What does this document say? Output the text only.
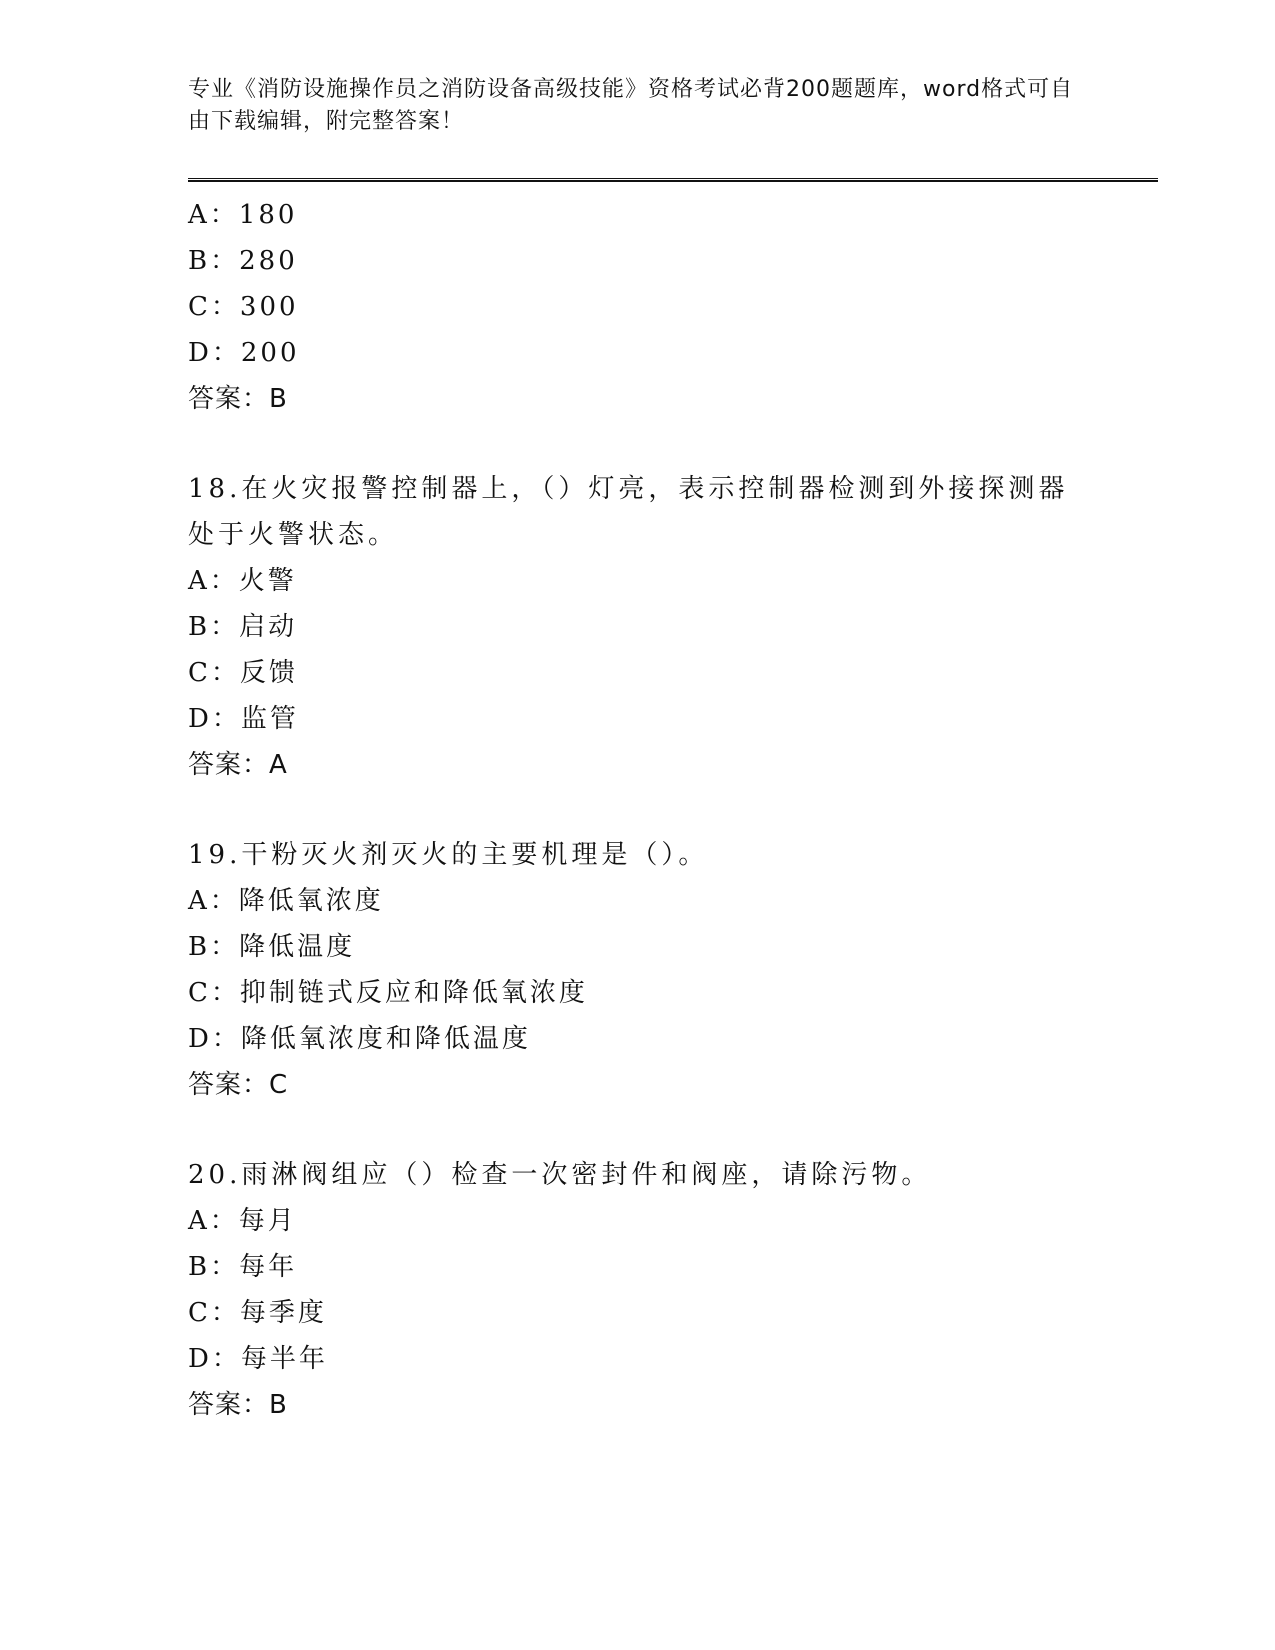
专业《消防设施操作员之消防设备高级技能》资格考试必背200题题库，word格式可自由下载编辑，附完整答案！
A：180
B：280
C：300
D：200
答案：B
18.在火灾报警控制器上，（）灯亮，表示控制器检测到外接探测器处于火警状态。
A：火警
B：启动
C：反馈
D：监管
答案：A
19.干粉灭火剂灭火的主要机理是（）。
A：降低氧浓度
B：降低温度
C：抑制链式反应和降低氧浓度
D：降低氧浓度和降低温度
答案：C
20.雨淋阀组应（）检查一次密封件和阀座，请除污物。
A：每月
B：每年
C：每季度
D：每半年
答案：B
